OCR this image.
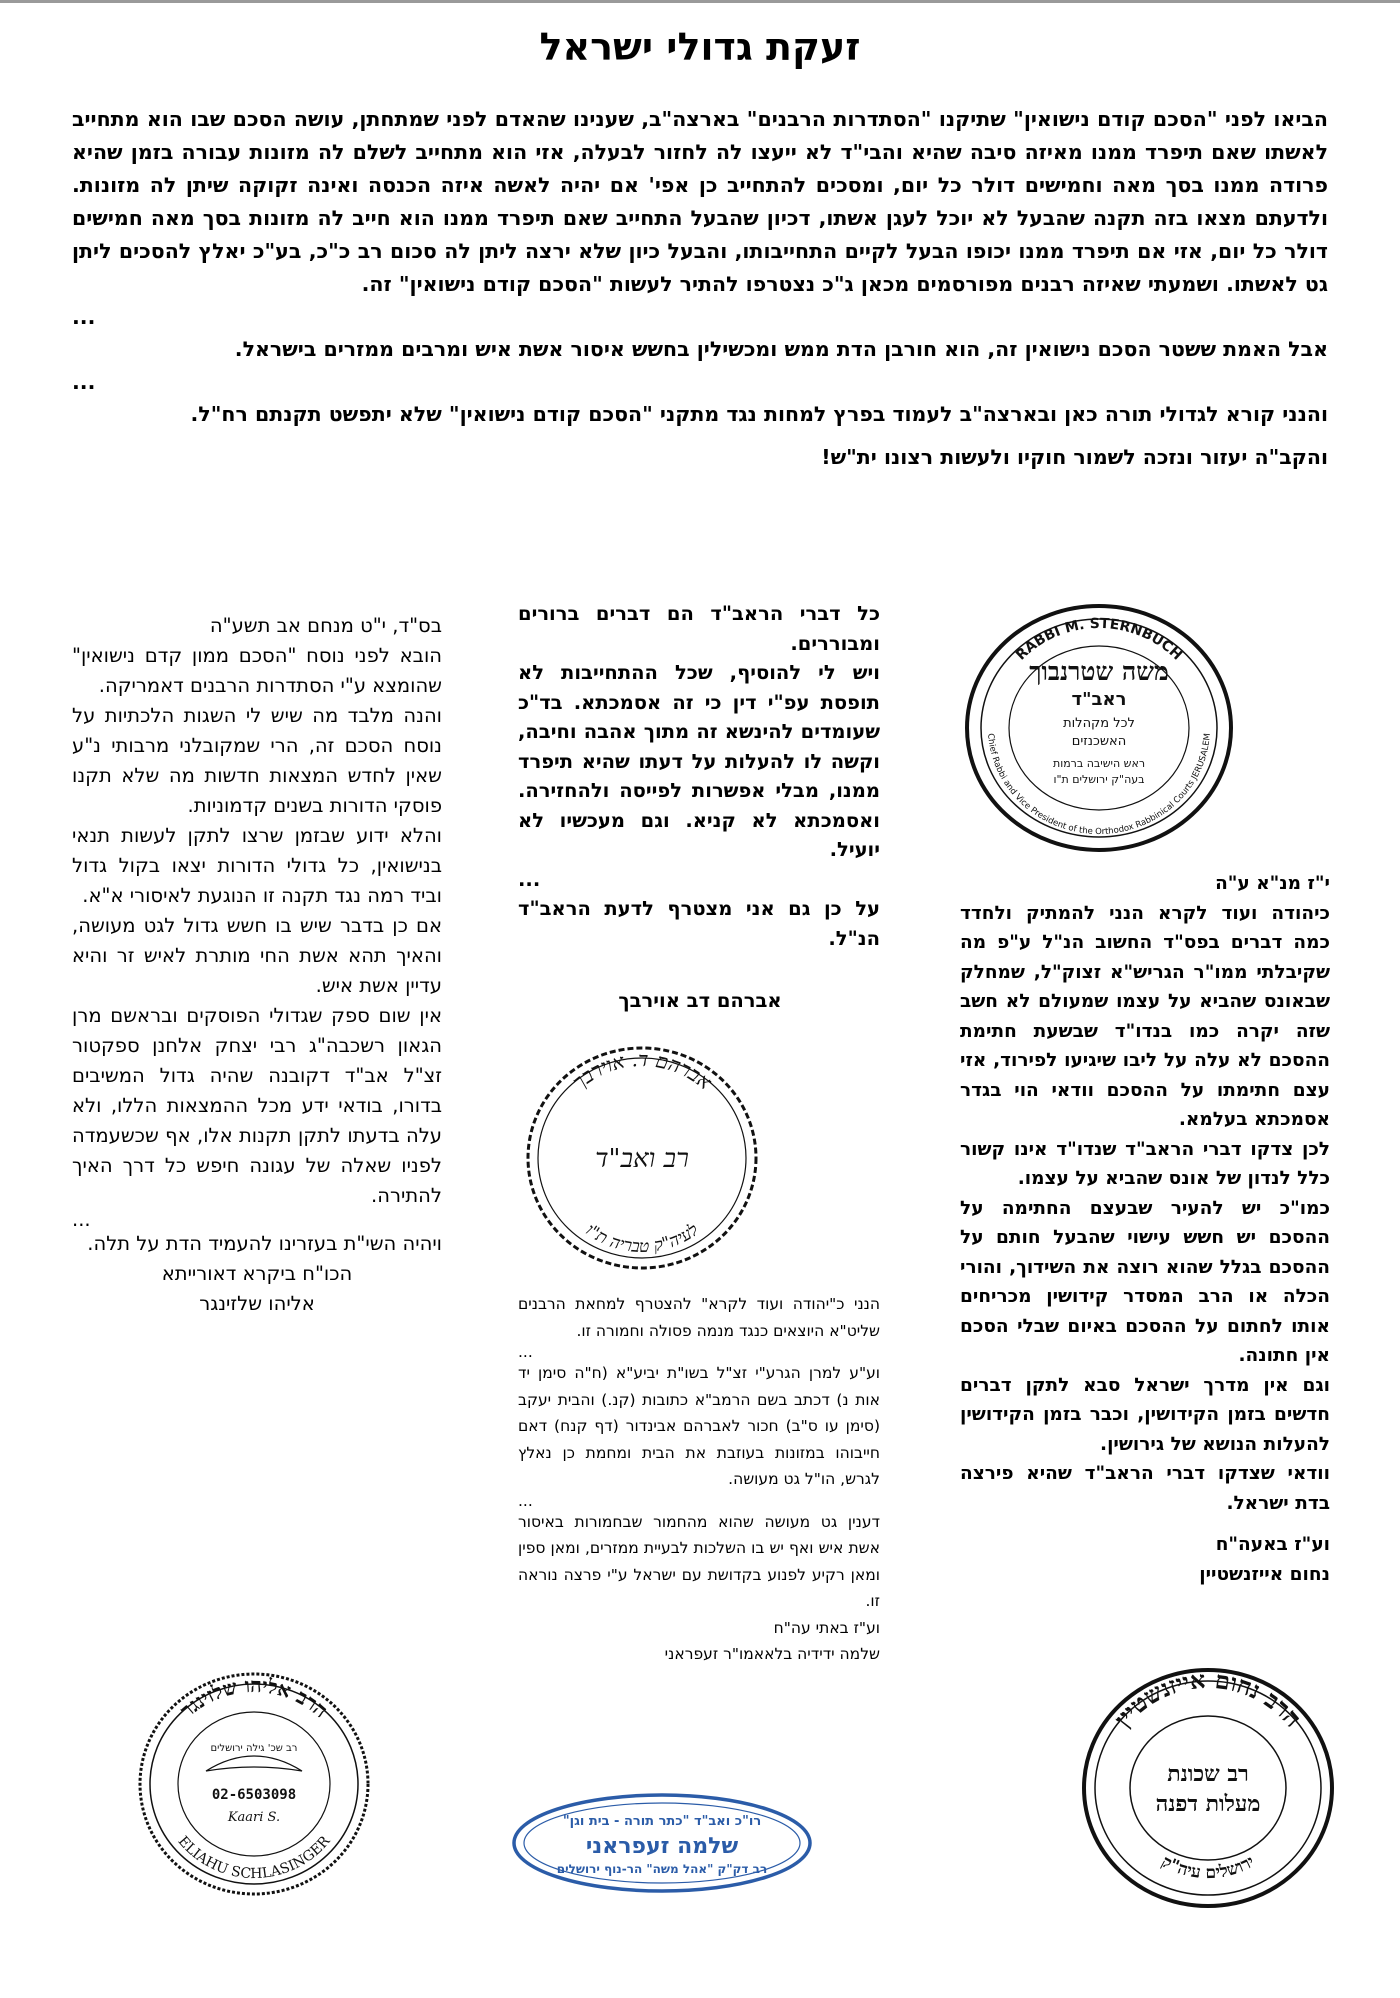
זעקת גדולי ישראל

הביאו לפני "הסכם קודם נישואין" שתיקנו "הסתדרות הרבנים" בארצה"ב, שענינו שהאדם לפני שמתחתן, עושה הסכם שבו הוא מתחייב לאשתו שאם תיפרד ממנו מאיזה סיבה שהיא והבי"ד לא ייעצו לה לחזור לבעלה, אזי הוא מתחייב לשלם לה מזונות עבורה בזמן שהיא פרודה ממנו בסך מאה וחמישים דולר כל יום, ומסכים להתחייב כן אפי' אם יהיה לאשה איזה הכנסה ואינה זקוקה שיתן לה מזונות. ולדעתם מצאו בזה תקנה שהבעל לא יוכל לעגן אשתו, דכיון שהבעל התחייב שאם תיפרד ממנו הוא חייב לה מזונות בסך מאה חמישים דולר כל יום, אזי אם תיפרד ממנו יכופו הבעל לקיים התחייבותו, והבעל כיון שלא ירצה ליתן לה סכום רב כ"כ, בע"כ יאלץ להסכים ליתן גט לאשתו. ושמעתי שאיזה רבנים מפורסמים מכאן ג"כ נצטרפו להתיר לעשות "הסכם קודם נישואין" זה.

...

אבל האמת ששטר הסכם נישואין זה, הוא חורבן הדת ממש ומכשילין בחשש איסור אשת איש ומרבים ממזרים בישראל.

...

והנני קורא לגדולי תורה כאן ובארצה"ב לעמוד בפרץ למחות נגד מתקני "הסכם קודם נישואין" שלא יתפשט תקנתם רח"ל.

והקב"ה יעזור ונזכה לשמור חוקיו ולעשות רצונו ית"ש!

RABBI M. STERNBUCH
Chief Rabbi and Vice President of the Orthodox Rabbinical Courts JERUSALEM
משה שטרנבוך
ראב"ד
לכל מקהלות
האשכנזים
ראש הישיבה ברמות
בעה"ק ירושלים ת"ו

י"ז מנ"א ע"ה

כיהודה ועוד לקרא הנני להמתיק ולחדד כמה דברים בפס"ד החשוב הנ"ל ע"פ מה שקיבלתי ממו"ר הגריש"א זצוק"ל, שמחלק שבאונס שהביא על עצמו שמעולם לא חשב שזה יקרה כמו בנדו"ד שבשעת חתימת ההסכם לא עלה על ליבו שיגיעו לפירוד, אזי עצם חתימתו על ההסכם וודאי הוי בגדר אסמכתא בעלמא.

לכן צדקו דברי הראב"ד שנדו"ד אינו קשור כלל לנדון של אונס שהביא על עצמו.

כמו"כ יש להעיר שבעצם החתימה על ההסכם יש חשש עישוי שהבעל חותם על ההסכם בגלל שהוא רוצה את השידוך, והורי הכלה או הרב המסדר קידושין מכריחים אותו לחתום על ההסכם באיום שבלי הסכם אין חתונה.

וגם אין מדרך ישראל סבא לתקן דברים חדשים בזמן הקידושין, וכבר בזמן הקידושין להעלות הנושא של גירושין.

וודאי שצדקו דברי הראב"ד שהיא פירצה בדת ישראל.

וע"ז באעה"ח

נחום אייזנשטיין

הרב נחום אייזנשטיין
ירושלים עיה"ק
רב שכונת
מעלות דפנה

כל דברי הראב"ד הם דברים ברורים ומבוררים.

ויש לי להוסיף, שכל ההתחייבות לא תופסת עפ"י דין כי זה אסמכתא. בד"כ שעומדים להינשא זה מתוך אהבה וחיבה, וקשה לו להעלות על דעתו שהיא תיפרד ממנו, מבלי אפשרות לפייסה ולהחזירה. ואסמכתא לא קניא. וגם מעכשיו לא יועיל.

...

על כן גם אני מצטרף לדעת הראב"ד הנ"ל.

אברהם דב אוירבך
אברהם ד. אוירבך
לעיה"ק טבריה ת"ו
רב ואב"ד

הנני כ"יהודה ועוד לקרא" להצטרף למחאת הרבנים שליט"א היוצאים כנגד מנמה פסולה וחמורה זו.

...

וע"ע למרן הגרע"י זצ"ל בשו"ת יביע"א (ח"ה סימן יד אות נ) דכתב בשם הרמב"א כתובות (קנ.) והבית יעקב (סימן עו ס"ב) חכור לאברהם אבינדור (דף קנח) דאם חייבוהו במזונות בעוזבת את הבית ומחמת כן נאלץ לגרש, הו"ל גט מעושה.

...

דענין גט מעושה שהוא מהחמור שבחמורות באיסור אשת איש ואף יש בו השלכות לבעיית ממזרים, ומאן ספין ומאן רקיע לפנוע בקדושת עם ישראל ע"י פרצה נוראה זו.

וע"ז באתי עה"ח

שלמה ידידיה בלאאמו"ר זעפראני

רו"כ ואב"ד "כתר תורה - בית וגן"
שלמה זעפראני
רב דק"ק "אהל משה" הר-נוף ירושלים

בס"ד, י"ט מנחם אב תשע"ה

הובא לפני נוסח "הסכם ממון קדם נישואין" שהומצא ע"י הסתדרות הרבנים דאמריקה.

והנה מלבד מה שיש לי השגות הלכתיות על נוסח הסכם זה, הרי שמקובלני מרבותי נ"ע שאין לחדש המצאות חדשות מה שלא תקנו פוסקי הדורות בשנים קדמוניות.

והלא ידוע שבזמן שרצו לתקן לעשות תנאי בנישואין, כל גדולי הדורות יצאו בקול גדול וביד רמה נגד תקנה זו הנוגעת לאיסורי א"א.

אם כן בדבר שיש בו חשש גדול לגט מעושה, והאיך תהא אשת החי מותרת לאיש זר והיא עדיין אשת איש.

אין שום ספק שגדולי הפוסקים ובראשם מרן הגאון רשכבה"ג רבי יצחק אלחנן ספקטור זצ"ל אב"ד דקובנה שהיה גדול המשיבים בדורו, בודאי ידע מכל ההמצאות הללו, ולא עלה בדעתו לתקן תקנות אלו, אף שכשעמדה לפניו שאלה של עגונה חיפש כל דרך האיך להתירה.

...

ויהיה השי"ת בעזרינו להעמיד הדת על תלה.

הכו"ח ביקרא דאורייתא

אליהו שלזינגר

הרב אליהו שלזינגר
ELIAHU SCHLASINGER
רב שכ' גילה ירושלים
02-6503098
Kaari S.
